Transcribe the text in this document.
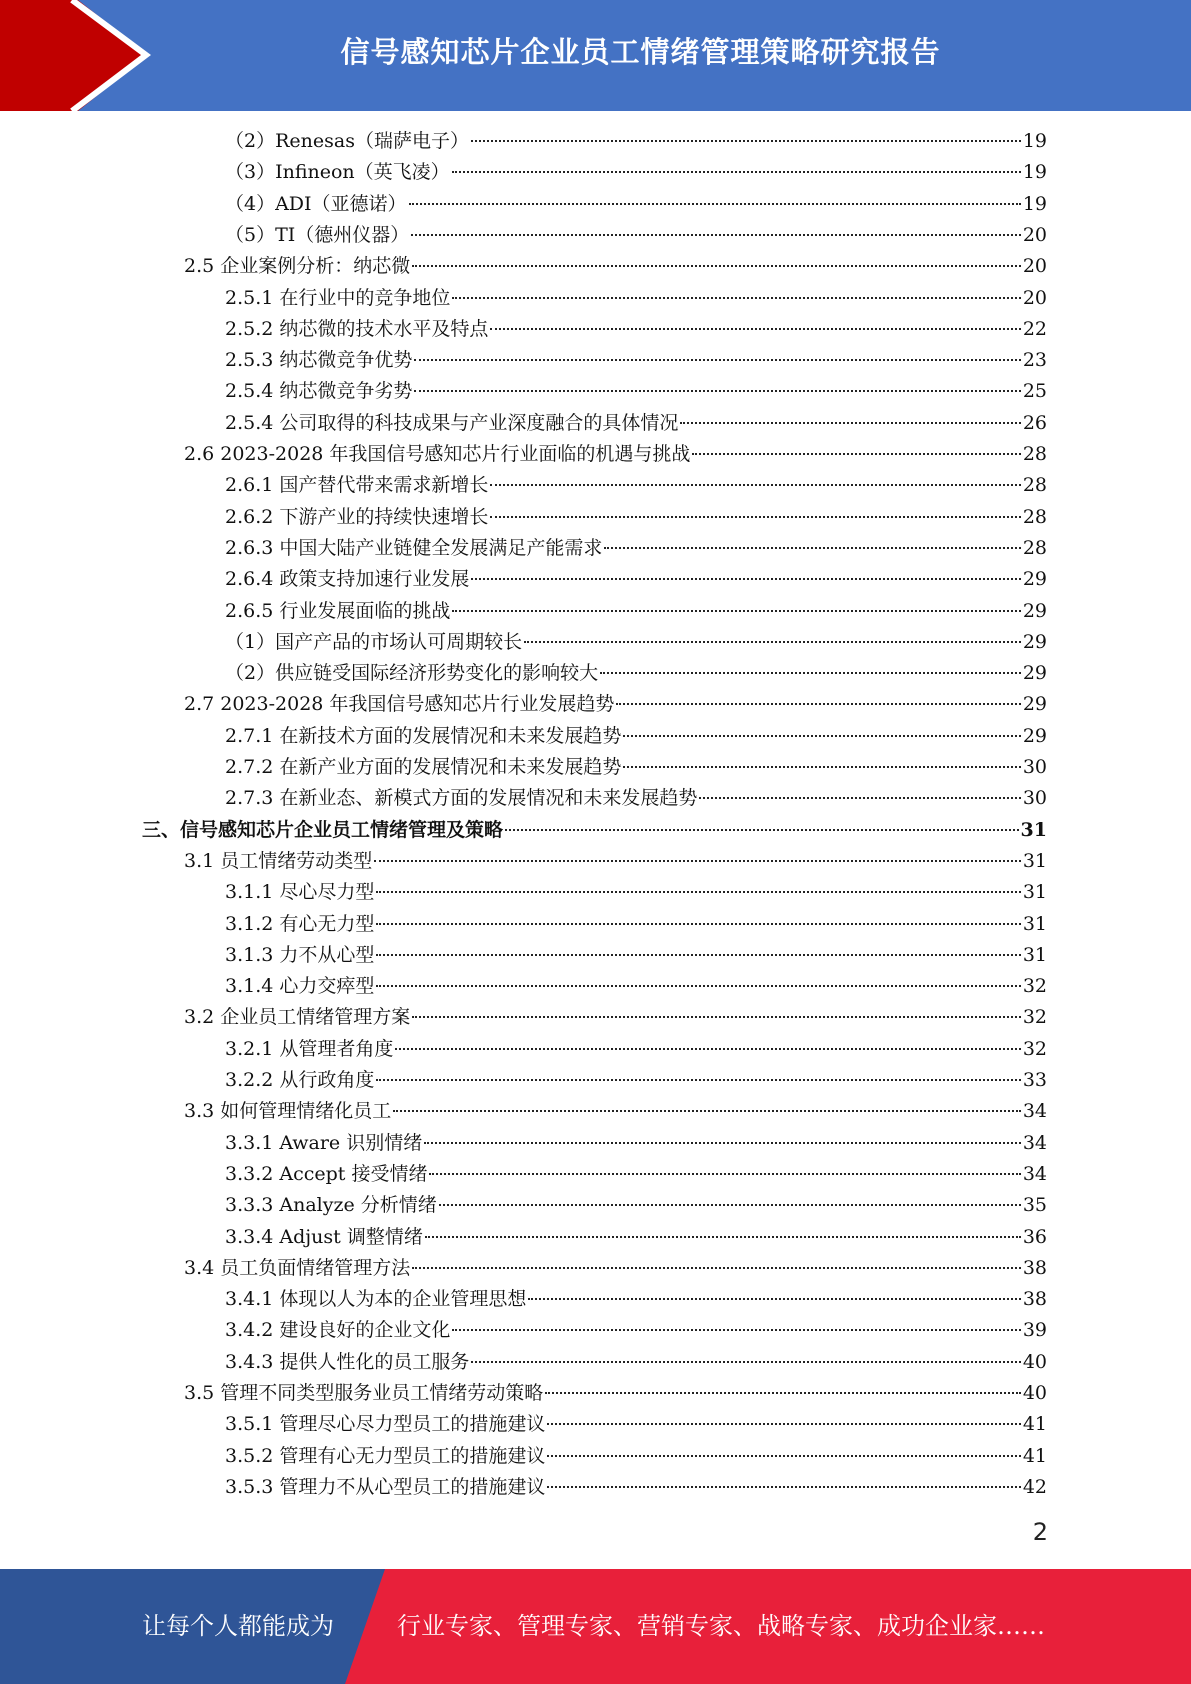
信号感知芯片企业员工情绪管理策略研究报告
（2）Renesas（瑞萨电子）	19
（3）Infineon（英飞凌）	19
（4）ADI（亚德诺）	19
（5）TI（德州仪器）	20
2.5 企业案例分析：纳芯微	20
2.5.1 在行业中的竞争地位	20
2.5.2 纳芯微的技术水平及特点	22
2.5.3 纳芯微竞争优势	23
2.5.4 纳芯微竞争劣势	25
2.5.4 公司取得的科技成果与产业深度融合的具体情况	26
2.6 2023-2028 年我国信号感知芯片行业面临的机遇与挑战	28
2.6.1 国产替代带来需求新增长	28
2.6.2 下游产业的持续快速增长	28
2.6.3 中国大陆产业链健全发展满足产能需求	28
2.6.4 政策支持加速行业发展	29
2.6.5 行业发展面临的挑战	29
（1）国产产品的市场认可周期较长	29
（2）供应链受国际经济形势变化的影响较大	29
2.7 2023-2028 年我国信号感知芯片行业发展趋势	29
2.7.1 在新技术方面的发展情况和未来发展趋势	29
2.7.2 在新产业方面的发展情况和未来发展趋势	30
2.7.3 在新业态、新模式方面的发展情况和未来发展趋势	30
三、信号感知芯片企业员工情绪管理及策略	31
3.1 员工情绪劳动类型	31
3.1.1 尽心尽力型	31
3.1.2 有心无力型	31
3.1.3 力不从心型	31
3.1.4 心力交瘁型	32
3.2 企业员工情绪管理方案	32
3.2.1 从管理者角度	32
3.2.2 从行政角度	33
3.3 如何管理情绪化员工	34
3.3.1 Aware 识别情绪	34
3.3.2 Accept 接受情绪	34
3.3.3 Analyze 分析情绪	35
3.3.4 Adjust 调整情绪	36
3.4 员工负面情绪管理方法	38
3.4.1 体现以人为本的企业管理思想	38
3.4.2 建设良好的企业文化	39
3.4.3 提供人性化的员工服务	40
3.5 管理不同类型服务业员工情绪劳动策略	40
3.5.1 管理尽心尽力型员工的措施建议	41
3.5.2 管理有心无力型员工的措施建议	41
3.5.3 管理力不从心型员工的措施建议	42
2
让每个人都能成为	行业专家、管理专家、营销专家、战略专家、成功企业家……
